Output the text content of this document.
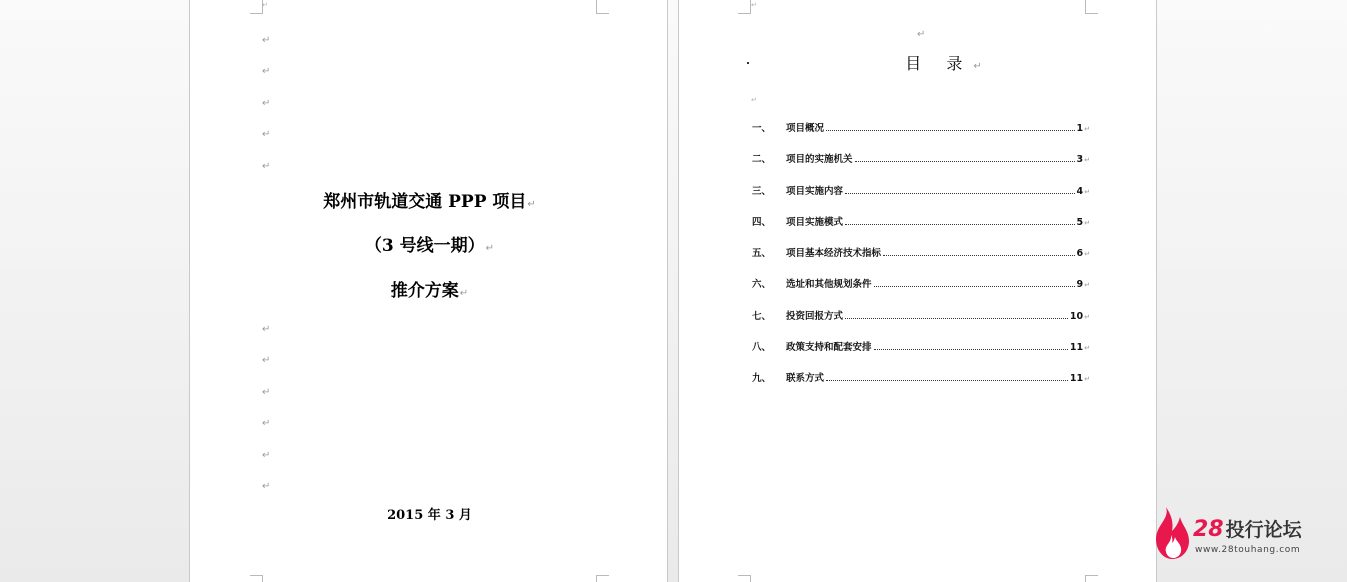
↵
↵
↵
↵
↵
↵
郑州市轨道交通 PPP 项目↵
（3 号线一期）↵
推介方案↵
↵
↵
↵
↵
↵
↵
2015 年 3 月
↵
↵
目 录↵
↵
一、	项目概况	1 ↵
二、	项目的实施机关	3 ↵
三、	项目实施内容	4 ↵
四、	项目实施模式	5 ↵
五、	项目基本经济技术指标	6 ↵
六、	选址和其他规划条件	9 ↵
七、	投资回报方式	10 ↵
八、	政策支持和配套安排	11 ↵
九、	联系方式	11 ↵
28 投行论坛
www.28touhang.com
